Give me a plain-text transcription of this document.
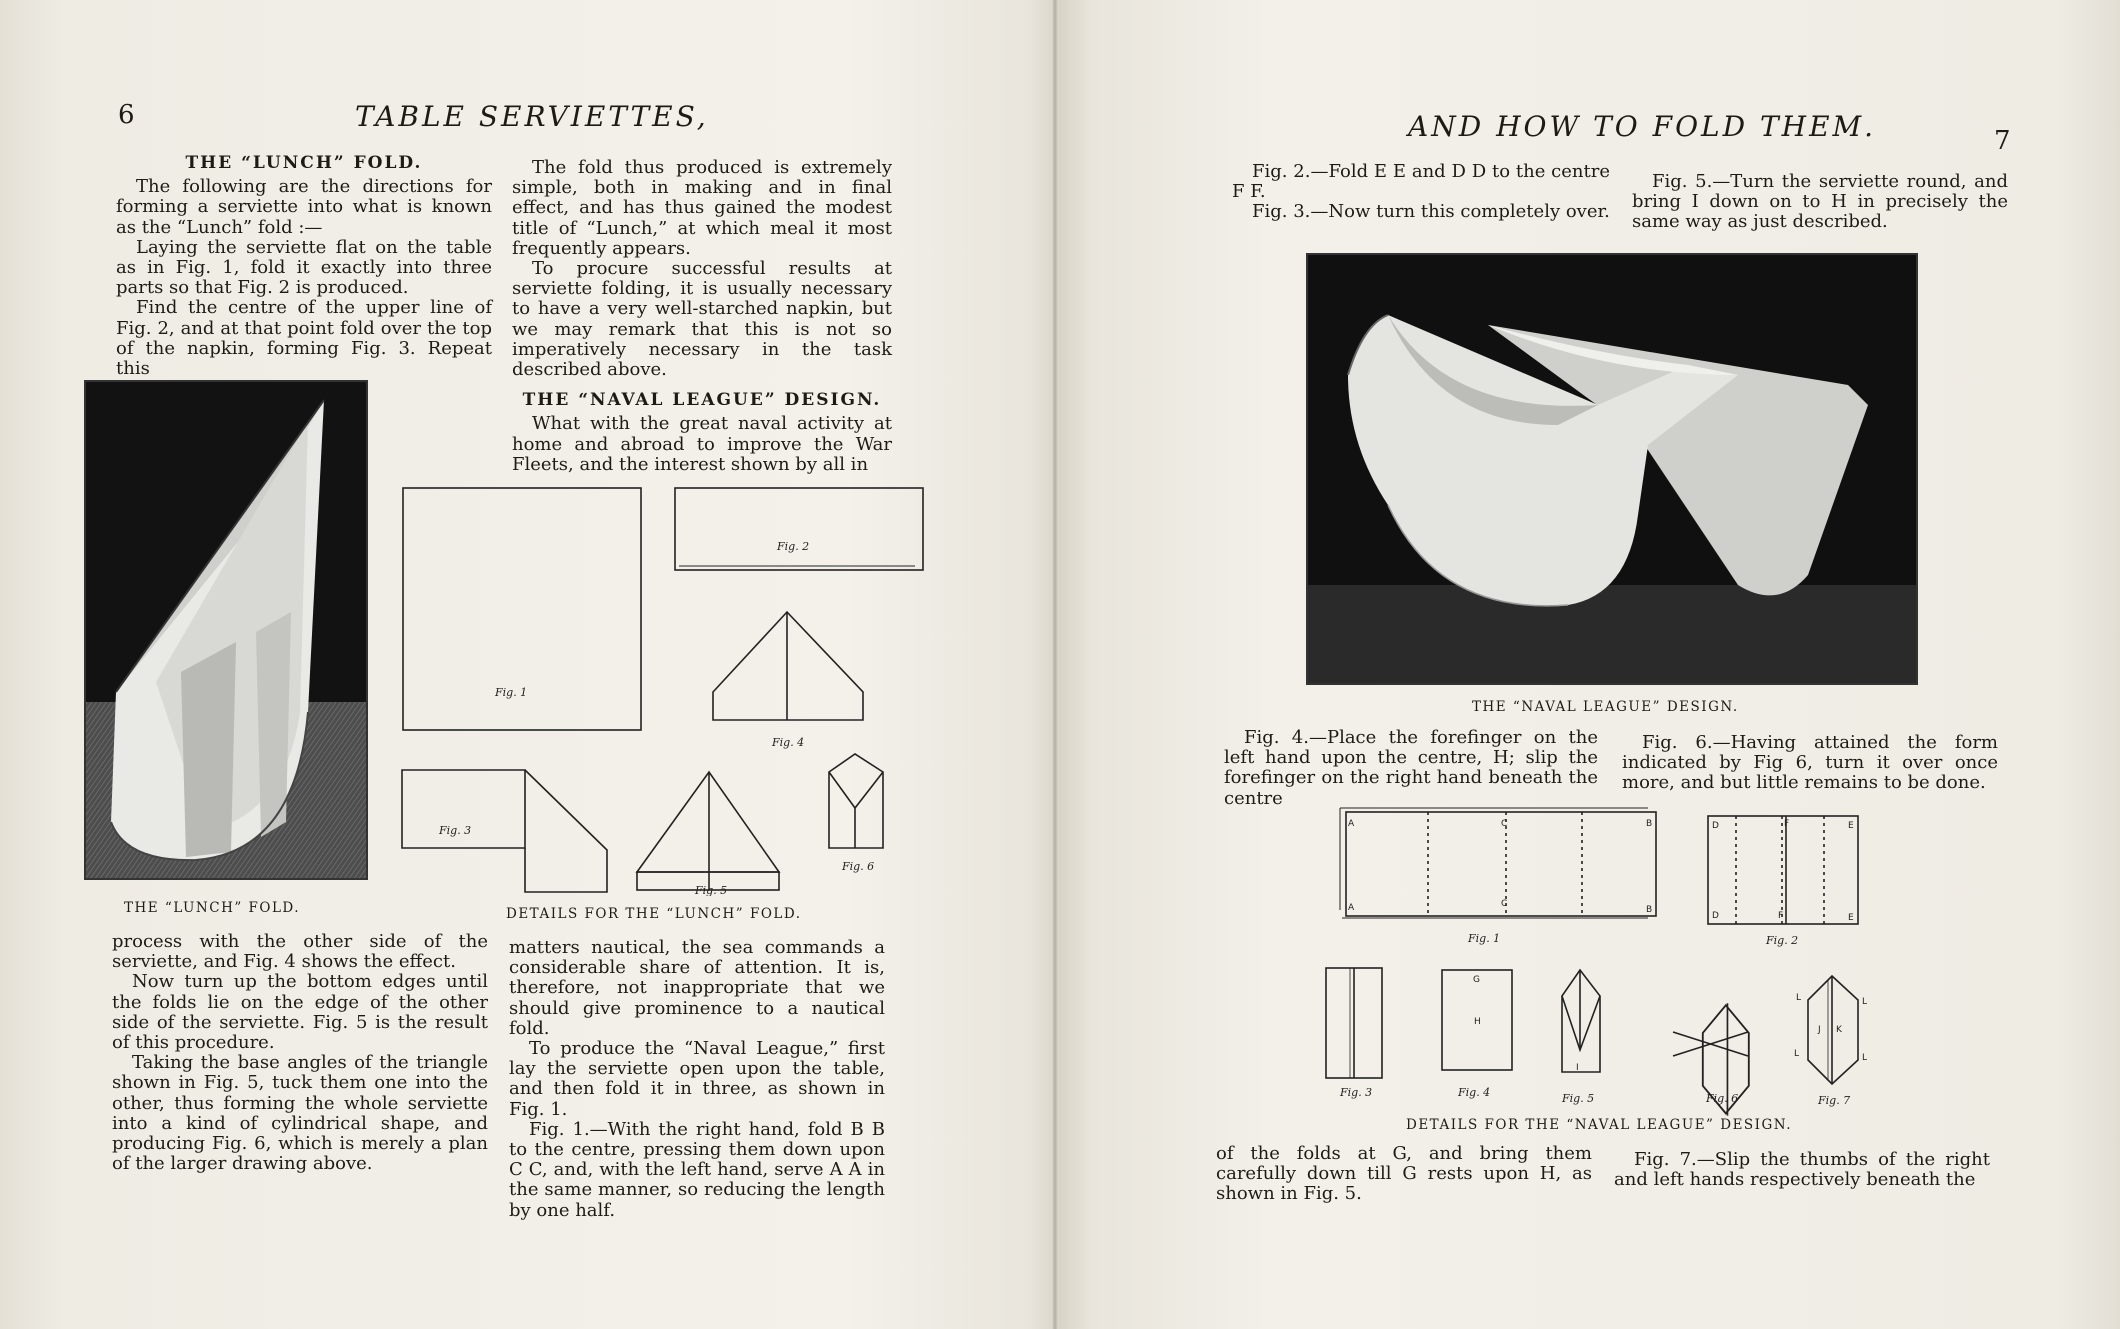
6	TABLE SERVIETTES,
THE “LUNCH” FOLD.

The following are the directions for forming a serviette into what is known as the “Lunch” fold :—

Laying the serviette flat on the table as in Fig. 1, fold it exactly into three parts so that Fig. 2 is produced.

Find the centre of the upper line of Fig. 2, and at that point fold over the top of the napkin, forming Fig. 3. Repeat this

The fold thus produced is extremely simple, both in making and in final effect, and has thus gained the modest title of “Lunch,” at which meal it most frequently appears.

To procure successful results at serviette folding, it is usually necessary to have a very well-starched napkin, but we may remark that this is not so imperatively necessary in the task described above.

THE “NAVAL LEAGUE” DESIGN.

What with the great naval activity at home and abroad to improve the War Fleets, and the interest shown by all in

THE “LUNCH” FOLD.
Fig. 1
Fig. 2
Fig. 3
Fig. 4
Fig. 5
Fig. 6
DETAILS FOR THE “LUNCH” FOLD.

process with the other side of the serviette, and Fig. 4 shows the effect.

Now turn up the bottom edges until the folds lie on the edge of the other side of the serviette. Fig. 5 is the result of this procedure.

Taking the base angles of the triangle shown in Fig. 5, tuck them one into the other, thus forming the whole serviette into a kind of cylindrical shape, and producing Fig. 6, which is merely a plan of the larger drawing above.

matters nautical, the sea commands a considerable share of attention. It is, therefore, not inappropriate that we should give prominence to a nautical fold.

To produce the “Naval League,” first lay the serviette open upon the table, and then fold it in three, as shown in Fig. 1.

Fig. 1.—With the right hand, fold B B to the centre, pressing them down upon C C, and, with the left hand, serve A A in the same manner, so reducing the length by one half.

AND HOW TO FOLD THEM.	7

Fig. 2.—Fold E E and D D to the centre F F.

Fig. 3.—Now turn this completely over.

Fig. 5.—Turn the serviette round, and bring I down on to H in precisely the same way as just described.

THE “NAVAL LEAGUE” DESIGN.

Fig. 4.—Place the forefinger on the left hand upon the centre, H; slip the forefinger on the right hand beneath the centre

Fig. 6.—Having attained the form indicated by Fig 6, turn it over once more, and but little remains to be done.

A
A
C
C
B
B
D
D
F
F
E
E
G
H
I
J K
L	L
L	L
Fig. 1	Fig. 2
Fig. 3	Fig. 4	Fig. 5	Fig. 6	Fig. 7
DETAILS FOR THE “NAVAL LEAGUE” DESIGN.

of the folds at G, and bring them carefully down till G rests upon H, as shown in Fig. 5.

Fig. 7.—Slip the thumbs of the right and left hands respectively beneath the
